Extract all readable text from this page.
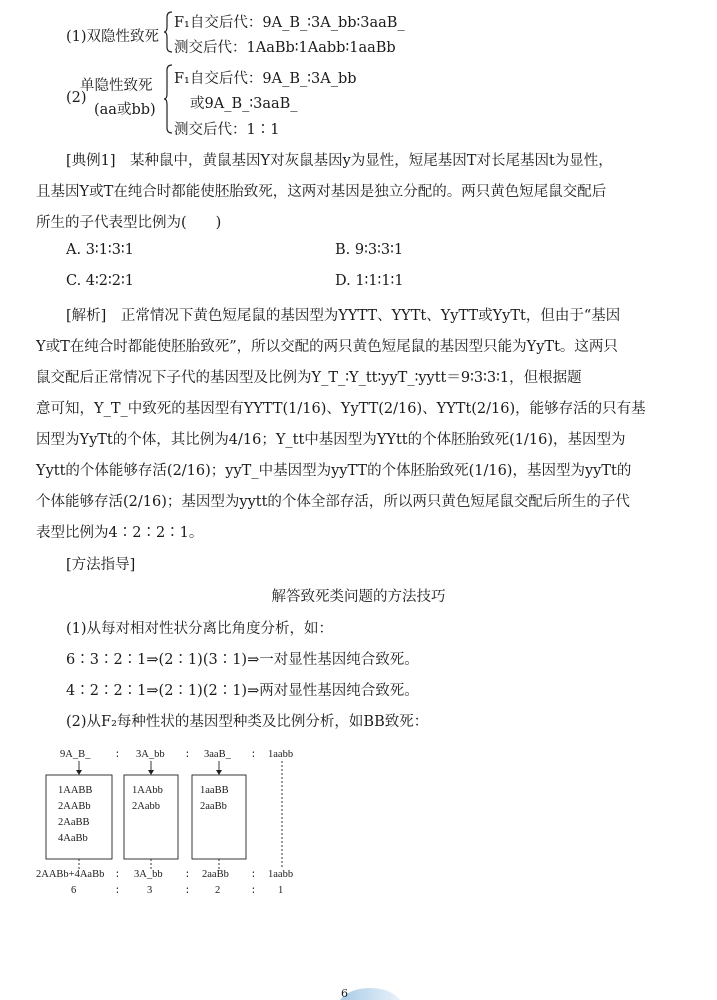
(1)双隐性致死
F₁自交后代：9A_B_∶3A_bb∶3aaB_
测交后代：1AaBb∶1Aabb∶1aaBb
单隐性致死
(2)
(aa或bb)
F₁自交后代：9A_B_∶3A_bb
或9A_B_∶3aaB_
测交后代：1∶1
[典例1]　某种鼠中，黄鼠基因Y对灰鼠基因y为显性，短尾基因T对长尾基因t为显性，
且基因Y或T在纯合时都能使胚胎致死，这两对基因是独立分配的。两只黄色短尾鼠交配后
所生的子代表型比例为(　　)
A. 3∶1∶3∶1	B. 9∶3∶3∶1
C. 4∶2∶2∶1	D. 1∶1∶1∶1
[解析]　正常情况下黄色短尾鼠的基因型为YYTT、YYTt、YyTT或YyTt，但由于“基因
Y或T在纯合时都能使胚胎致死”，所以交配的两只黄色短尾鼠的基因型只能为YyTt。这两只
鼠交配后正常情况下子代的基因型及比例为Y_T_∶Y_tt∶yyT_∶yytt＝9∶3∶3∶1，但根据题
意可知，Y_T_中致死的基因型有YYTT(1/16)、YyTT(2/16)、YYTt(2/16)，能够存活的只有基
因型为YyTt的个体，其比例为4/16；Y_tt中基因型为YYtt的个体胚胎致死(1/16)，基因型为
Yytt的个体能够存活(2/16)；yyT_中基因型为yyTT的个体胚胎致死(1/16)，基因型为yyTt的
个体能够存活(2/16)；基因型为yytt的个体全部存活，所以两只黄色短尾鼠交配后所生的子代
表型比例为4∶2∶2∶1。
[方法指导]
解答致死类问题的方法技巧
(1)从每对相对性状分离比角度分析，如：
6∶3∶2∶1⇒(2∶1)(3∶1)⇒一对显性基因纯合致死。
4∶2∶2∶1⇒(2∶1)(2∶1)⇒两对显性基因纯合致死。
(2)从F₂每种性状的基因型种类及比例分析，如BB致死：
9A_B_ ∶ 3A_bb ∶ 3aaB_ ∶ 1aabb
1AABB
2AABb
2AaBB
4AaBb
1AAbb
2Aabb
1aaBB
2aaBb
2AABb+4AaBb ∶ 3A_bb ∶ 2aaBb ∶ 1aabb
6	∶	3	∶	2	∶ 1
6
